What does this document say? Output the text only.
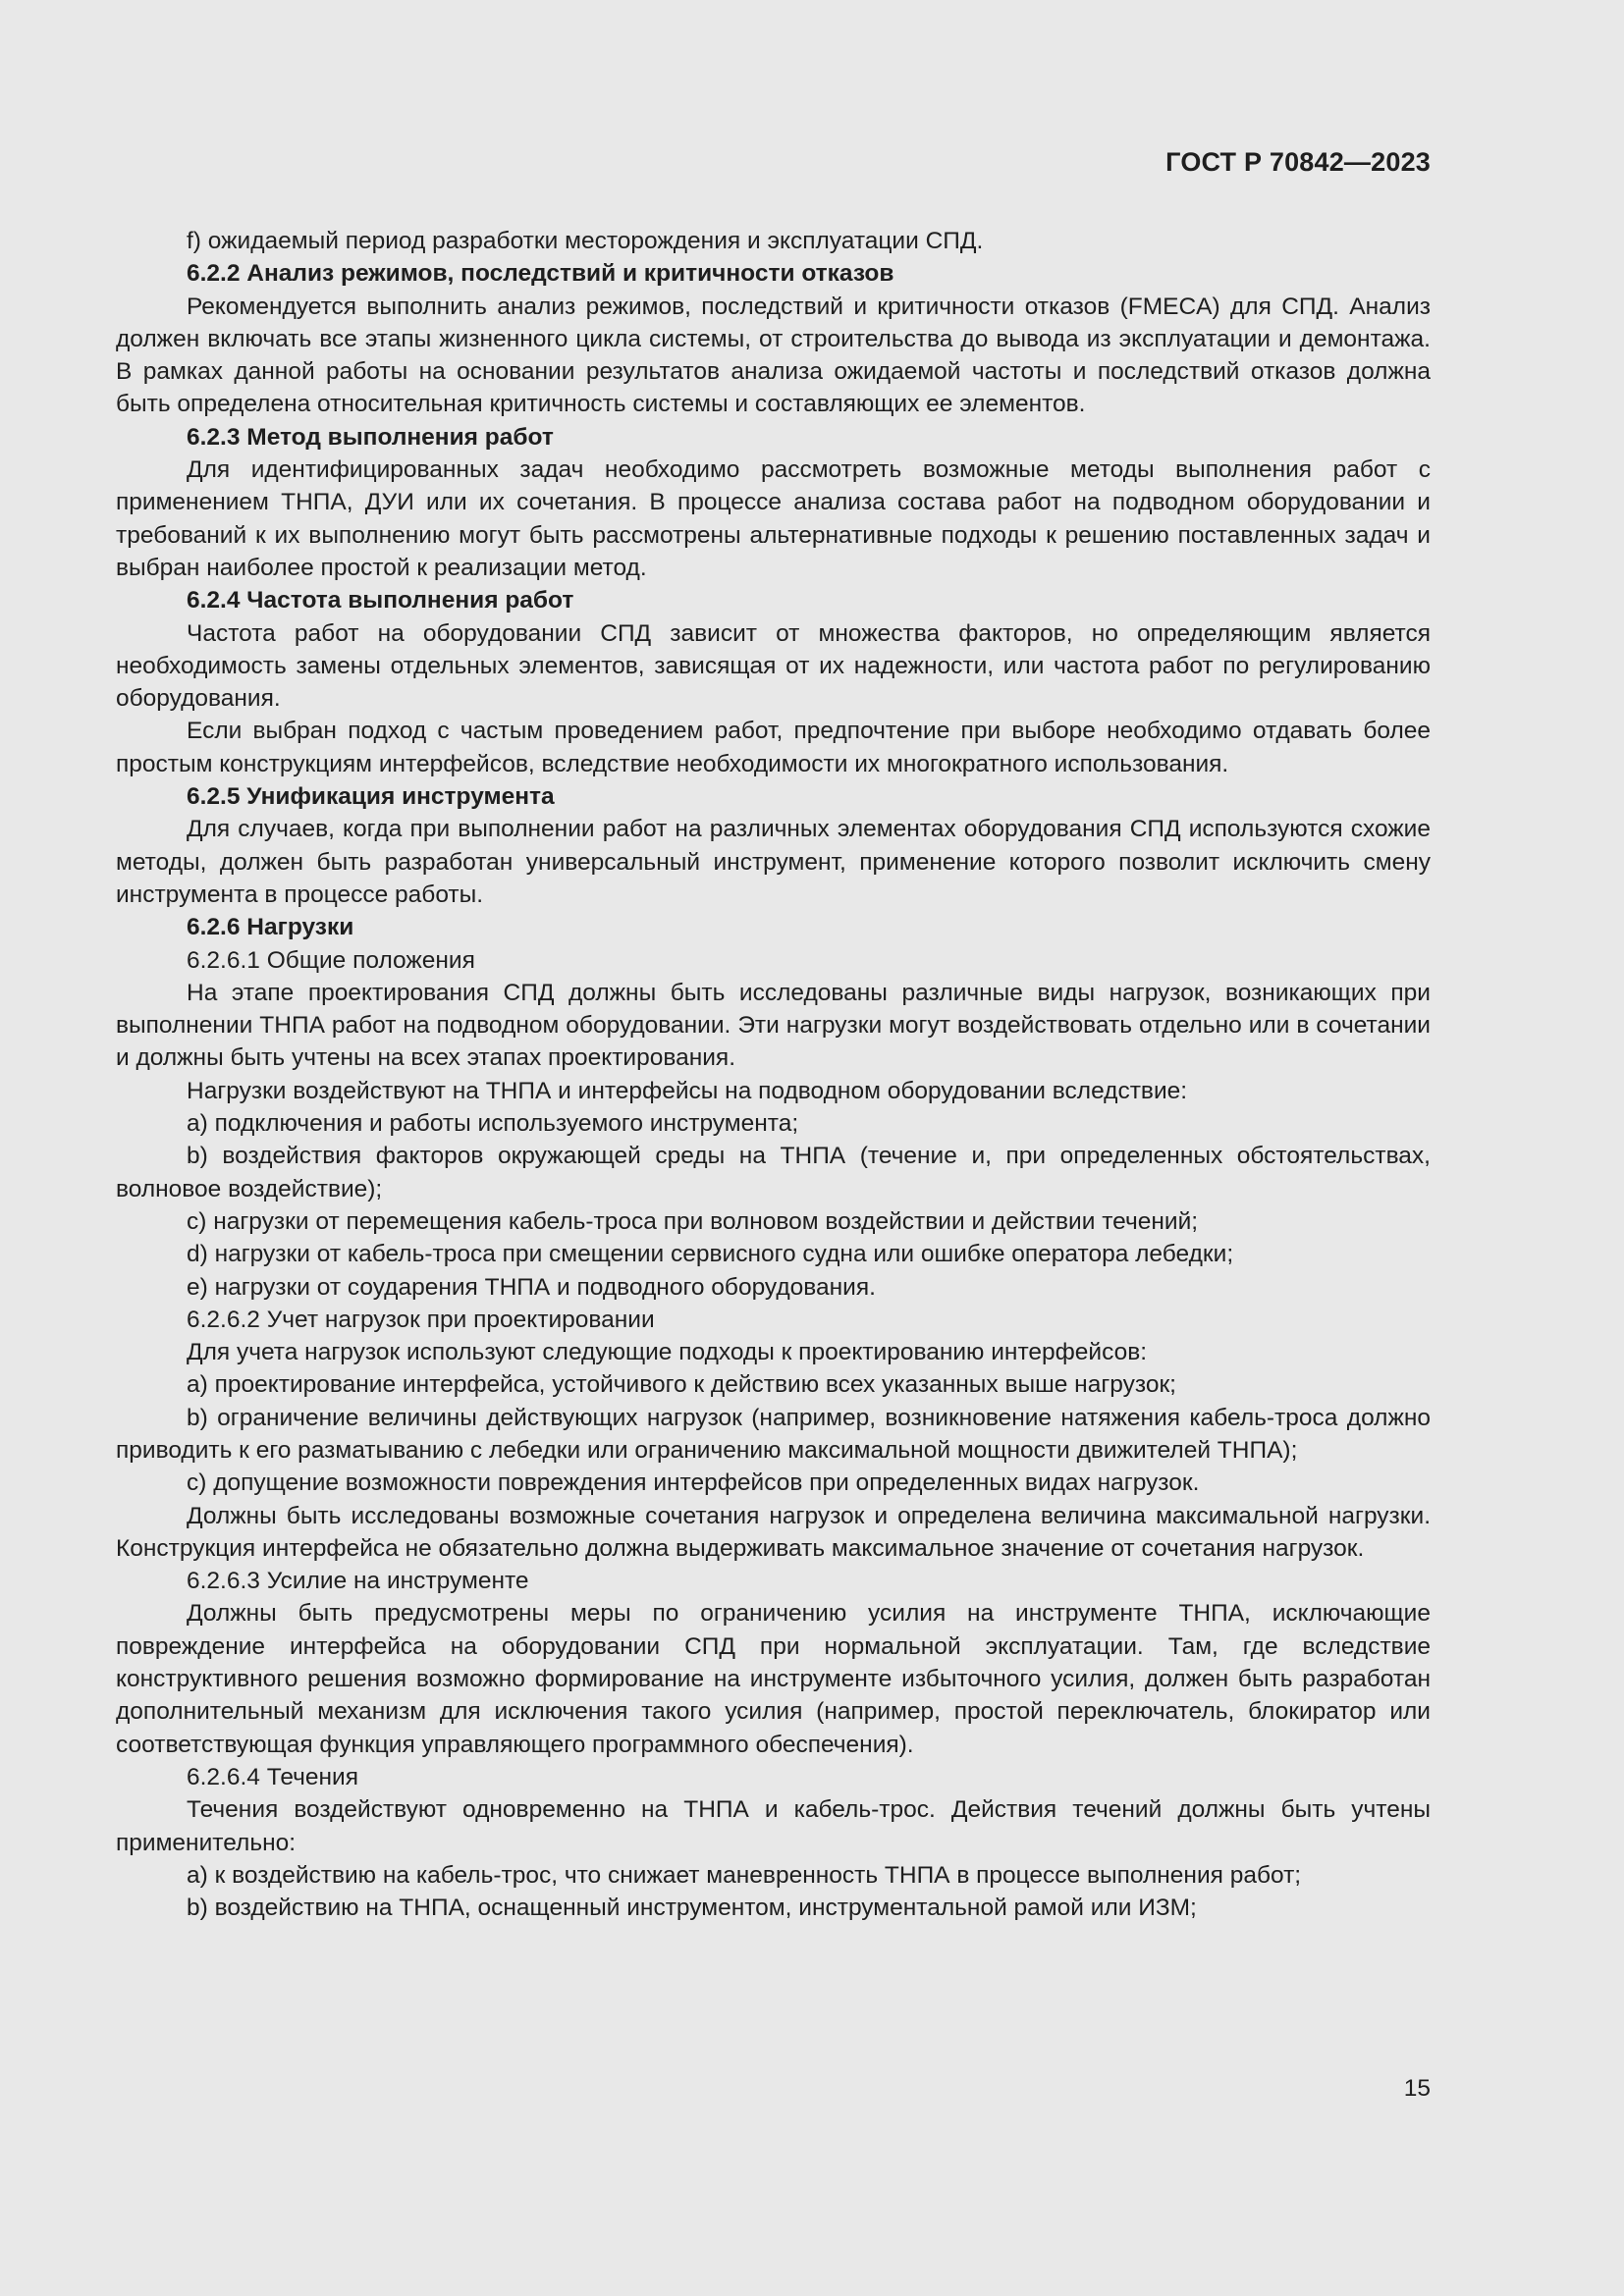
ГОСТ Р 70842—2023

f) ожидаемый период разработки месторождения и эксплуатации СПД.

6.2.2 Анализ режимов, последствий и критичности отказов

Рекомендуется выполнить анализ режимов, последствий и критичности отказов (FMECA) для СПД. Анализ должен включать все этапы жизненного цикла системы, от строительства до вывода из эксплуатации и демонтажа. В рамках данной работы на основании результатов анализа ожидаемой частоты и последствий отказов должна быть определена относительная критичность системы и составляющих ее элементов.

6.2.3 Метод выполнения работ

Для идентифицированных задач необходимо рассмотреть возможные методы выполнения работ с применением ТНПА, ДУИ или их сочетания. В процессе анализа состава работ на подводном оборудовании и требований к их выполнению могут быть рассмотрены альтернативные подходы к решению поставленных задач и выбран наиболее простой к реализации метод.

6.2.4 Частота выполнения работ

Частота работ на оборудовании СПД зависит от множества факторов, но определяющим является необходимость замены отдельных элементов, зависящая от их надежности, или частота работ по регулированию оборудования.

Если выбран подход с частым проведением работ, предпочтение при выборе необходимо отдавать более простым конструкциям интерфейсов, вследствие необходимости их многократного использования.

6.2.5 Унификация инструмента

Для случаев, когда при выполнении работ на различных элементах оборудования СПД используются схожие методы, должен быть разработан универсальный инструмент, применение которого позволит исключить смену инструмента в процессе работы.

6.2.6 Нагрузки

6.2.6.1 Общие положения

На этапе проектирования СПД должны быть исследованы различные виды нагрузок, возникающих при выполнении ТНПА работ на подводном оборудовании. Эти нагрузки могут воздействовать отдельно или в сочетании и должны быть учтены на всех этапах проектирования.

Нагрузки воздействуют на ТНПА и интерфейсы на подводном оборудовании вследствие:

a) подключения и работы используемого инструмента;

b) воздействия факторов окружающей среды на ТНПА (течение и, при определенных обстоятельствах, волновое воздействие);

c) нагрузки от перемещения кабель-троса при волновом воздействии и действии течений;

d) нагрузки от кабель-троса при смещении сервисного судна или ошибке оператора лебедки;

e) нагрузки от соударения ТНПА и подводного оборудования.

6.2.6.2 Учет нагрузок при проектировании

Для учета нагрузок используют следующие подходы к проектированию интерфейсов:

a) проектирование интерфейса, устойчивого к действию всех указанных выше нагрузок;

b) ограничение величины действующих нагрузок (например, возникновение натяжения кабель-троса должно приводить к его разматыванию с лебедки или ограничению максимальной мощности движителей ТНПА);

c) допущение возможности повреждения интерфейсов при определенных видах нагрузок.

Должны быть исследованы возможные сочетания нагрузок и определена величина максимальной нагрузки. Конструкция интерфейса не обязательно должна выдерживать максимальное значение от сочетания нагрузок.

6.2.6.3 Усилие на инструменте

Должны быть предусмотрены меры по ограничению усилия на инструменте ТНПА, исключающие повреждение интерфейса на оборудовании СПД при нормальной эксплуатации. Там, где вследствие конструктивного решения возможно формирование на инструменте избыточного усилия, должен быть разработан дополнительный механизм для исключения такого усилия (например, простой переключатель, блокиратор или соответствующая функция управляющего программного обеспечения).

6.2.6.4 Течения

Течения воздействуют одновременно на ТНПА и кабель-трос. Действия течений должны быть учтены применительно:

a) к воздействию на кабель-трос, что снижает маневренность ТНПА в процессе выполнения работ;

b) воздействию на ТНПА, оснащенный инструментом, инструментальной рамой или ИЗМ;

15
